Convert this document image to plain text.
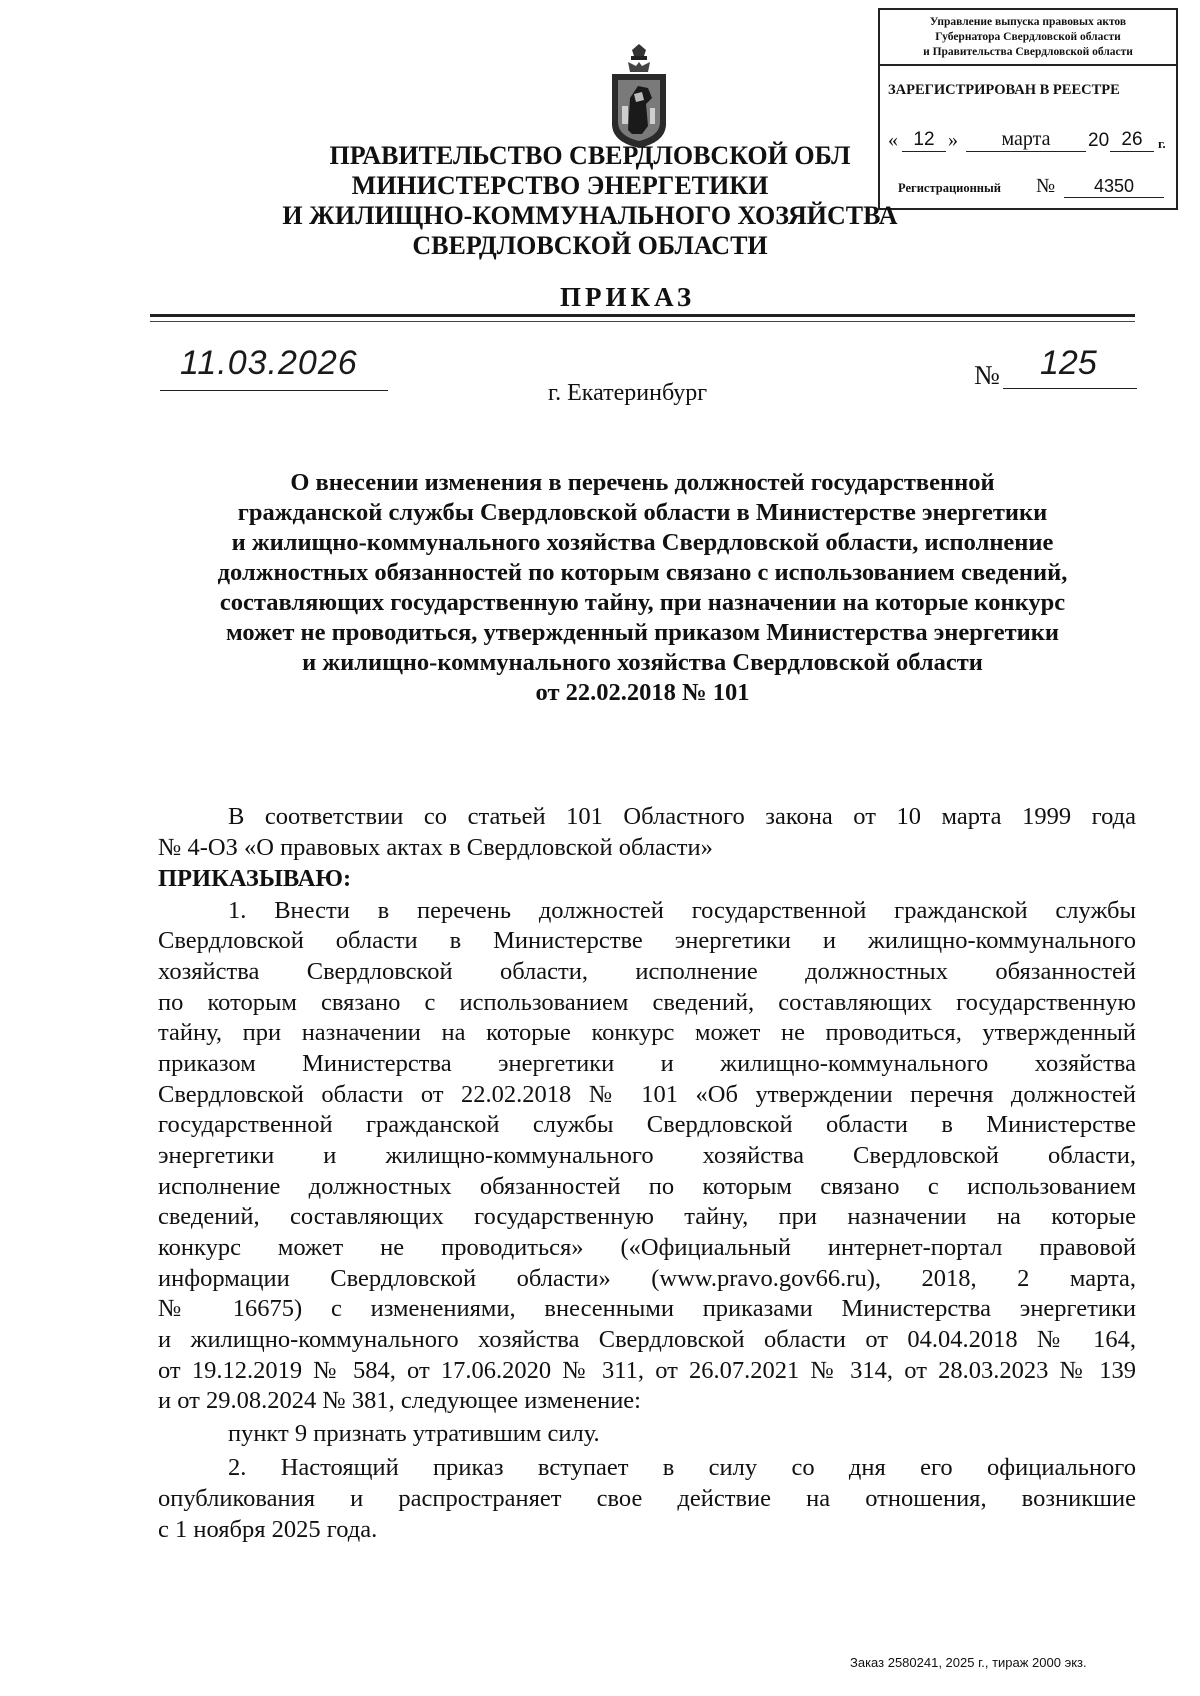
Управление выпуска правовых актов
Губернатора Свердловской области
и Правительства Свердловской области
ЗАРЕГИСТРИРОВАН В РЕЕСТРЕ
« 12 »	марта	20 26	г.
Регистрационный №	4350
ПРАВИТЕЛЬСТВО СВЕРДЛОВСКОЙ ОБЛ
МИНИСТЕРСТВО ЭНЕРГЕТИКИ
И ЖИЛИЩНО-КОММУНАЛЬНОГО ХОЗЯЙСТВА
СВЕРДЛОВСКОЙ ОБЛАСТИ
ПРИКАЗ
11.03.2026
г. Екатеринбург
№ 125
О внесении изменения в перечень должностей государственной
гражданской службы Свердловской области в Министерстве энергетики
и жилищно-коммунального хозяйства Свердловской области, исполнение
должностных обязанностей по которым связано с использованием сведений,
составляющих государственную тайну, при назначении на которые конкурс
может не проводиться, утвержденный приказом Министерства энергетики
и жилищно-коммунального хозяйства Свердловской области
от 22.02.2018 № 101
В соответствии со статьей 101 Областного закона от 10 марта 1999 года
№ 4-ОЗ «О правовых актах в Свердловской области»
ПРИКАЗЫВАЮ:
1. Внести в перечень должностей государственной гражданской службы
Свердловской области в Министерстве энергетики и жилищно-коммунального
хозяйства Свердловской области, исполнение должностных обязанностей
по которым связано с использованием сведений, составляющих государственную
тайну, при назначении на которые конкурс может не проводиться, утвержденный
приказом Министерства энергетики и жилищно-коммунального хозяйства
Свердловской области от 22.02.2018 № 101 «Об утверждении перечня должностей
государственной гражданской службы Свердловской области в Министерстве
энергетики и жилищно-коммунального хозяйства Свердловской области,
исполнение должностных обязанностей по которым связано с использованием
сведений, составляющих государственную тайну, при назначении на которые
конкурс может не проводиться» («Официальный интернет-портал правовой
информации Свердловской области» (www.pravo.gov66.ru), 2018, 2 марта,
№ 16675) с изменениями, внесенными приказами Министерства энергетики
и жилищно-коммунального хозяйства Свердловской области от 04.04.2018 № 164,
от 19.12.2019 № 584, от 17.06.2020 № 311, от 26.07.2021 № 314, от 28.03.2023 № 139
и от 29.08.2024 № 381, следующее изменение:
пункт 9 признать утратившим силу.
2. Настоящий приказ вступает в силу со дня его официального
опубликования и распространяет свое действие на отношения, возникшие
с 1 ноября 2025 года.
Заказ 2580241, 2025 г., тираж 2000 экз.
